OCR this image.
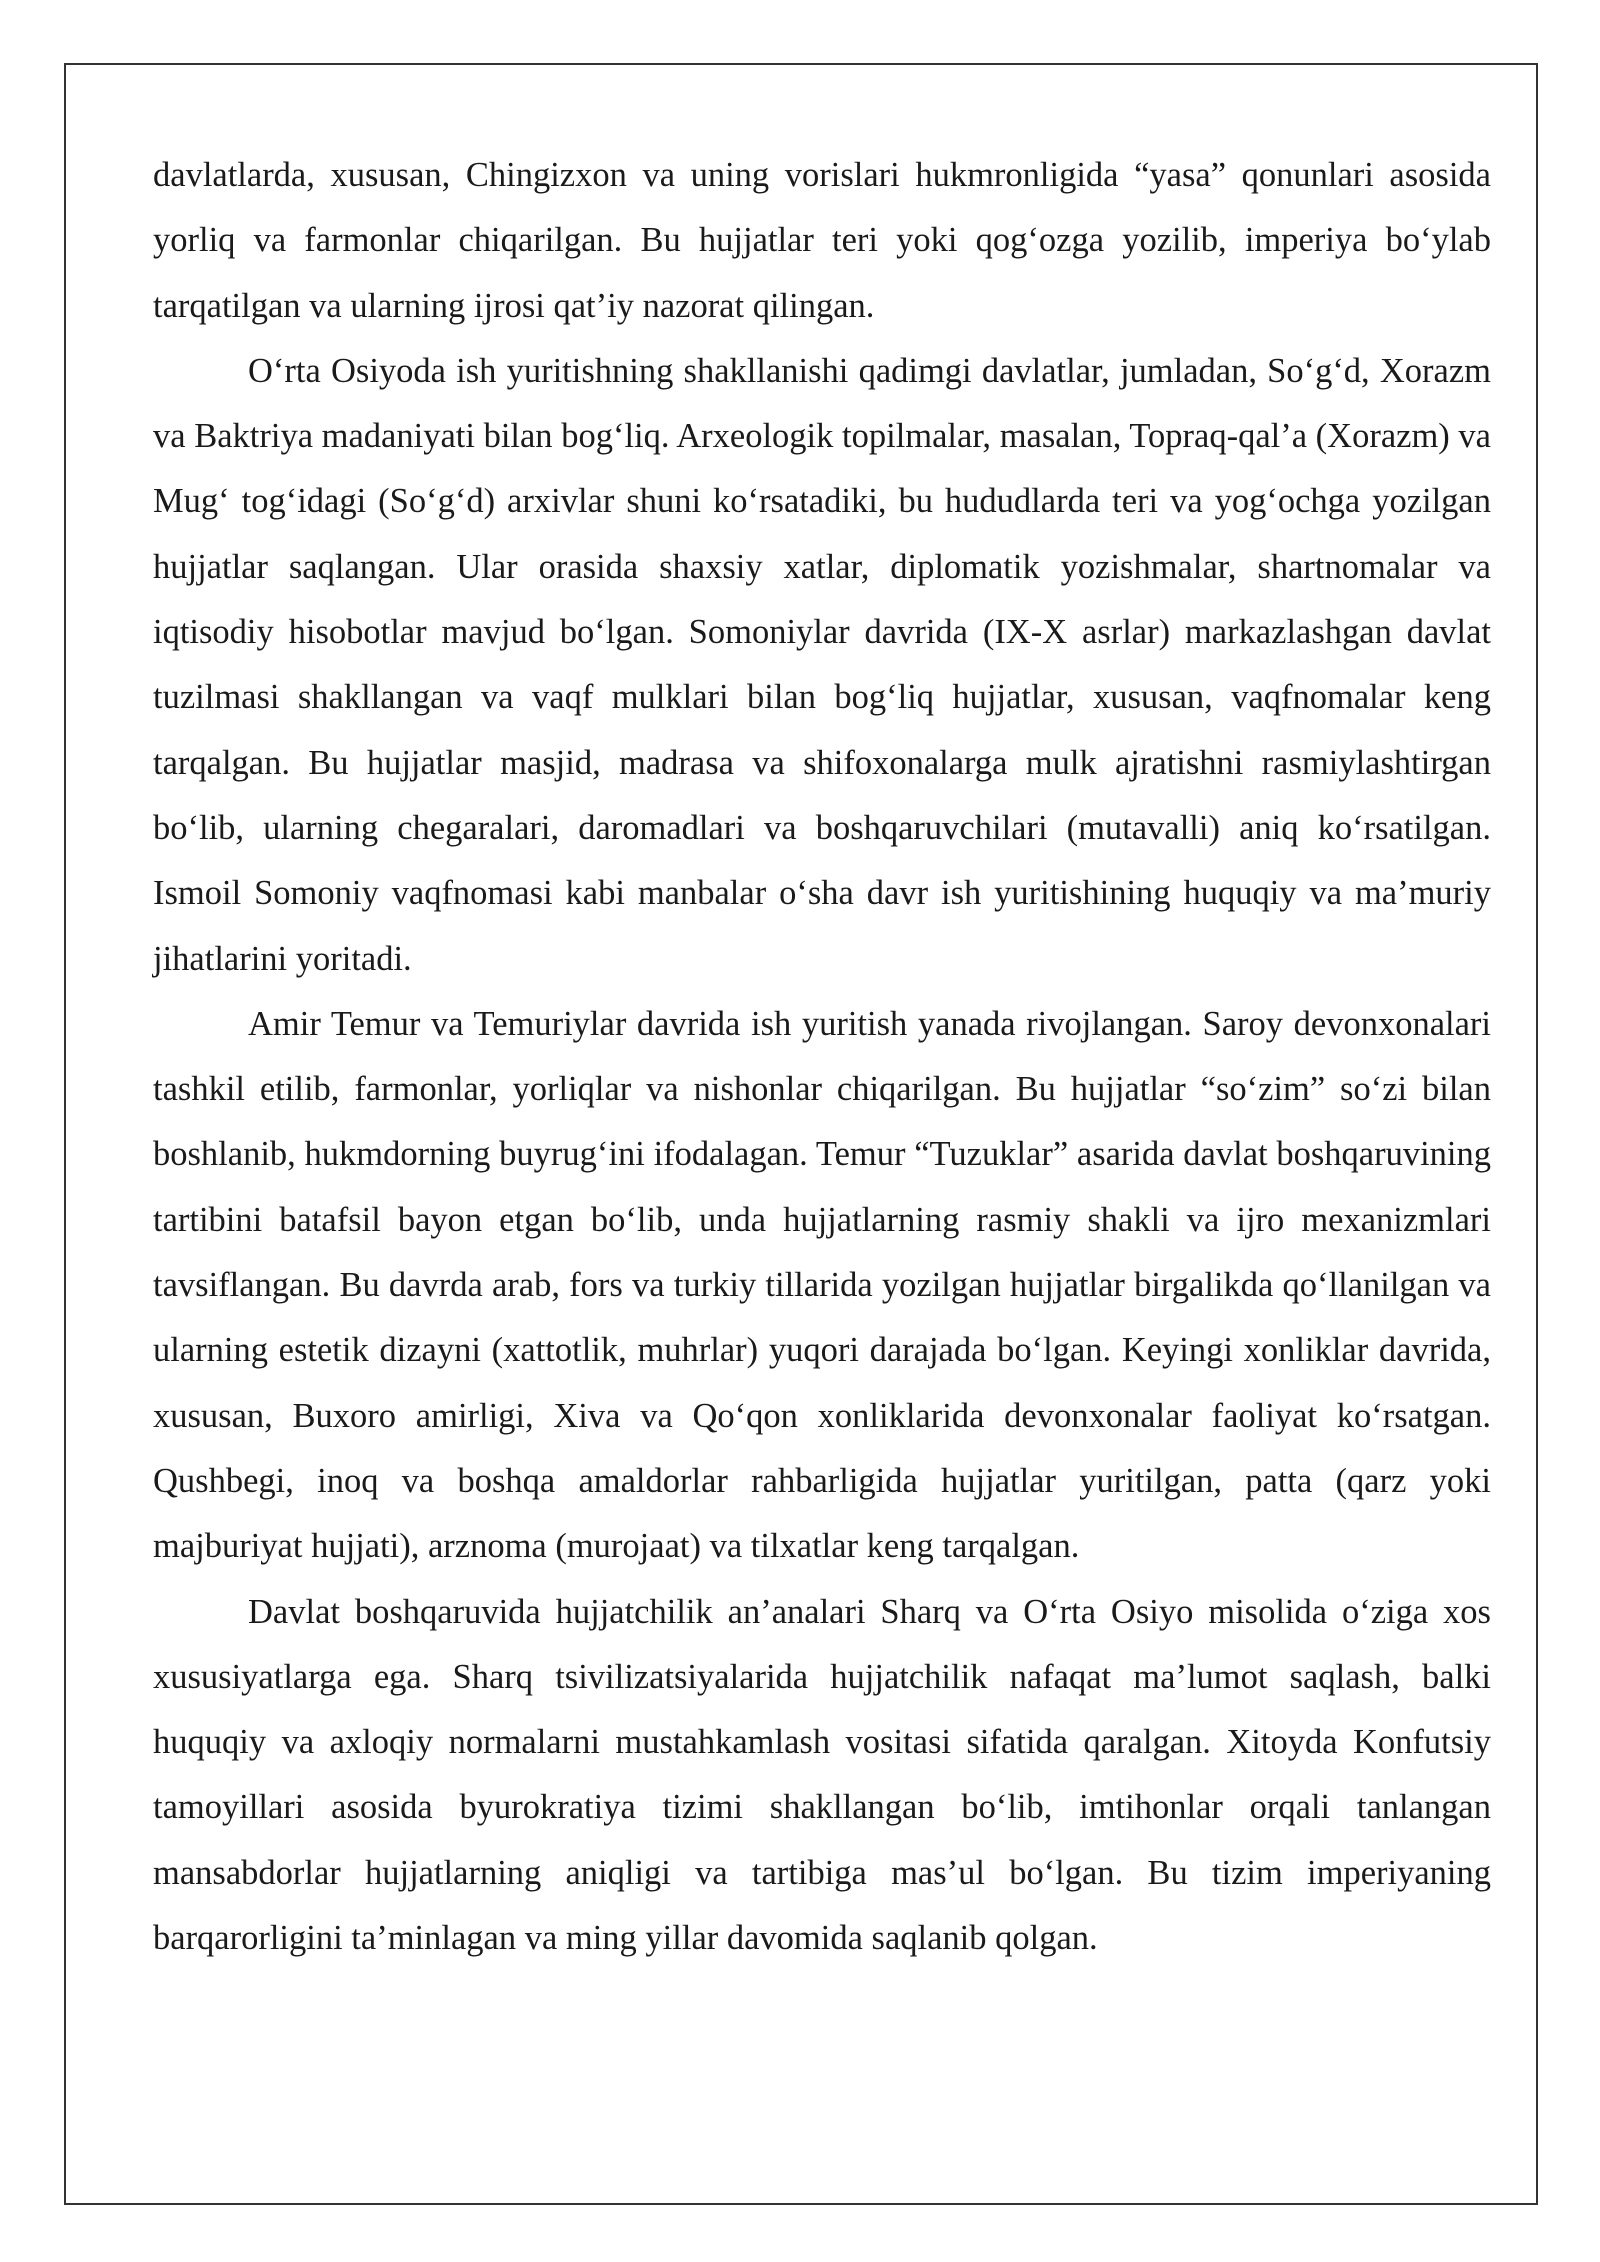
davlatlarda, xususan, Chingizxon va uning vorislari hukmronligida “yasa” qonunlari asosida yorliq va farmonlar chiqarilgan. Bu hujjatlar teri yoki qog‘ozga yozilib, imperiya bo‘ylab tarqatilgan va ularning ijrosi qat’iy nazorat qilingan.

O‘rta Osiyoda ish yuritishning shakllanishi qadimgi davlatlar, jumladan, So‘g‘d, Xorazm va Baktriya madaniyati bilan bog‘liq. Arxeologik topilmalar, masalan, Topraq-qal’a (Xorazm) va Mug‘ tog‘idagi (So‘g‘d) arxivlar shuni ko‘rsatadiki, bu hududlarda teri va yog‘ochga yozilgan hujjatlar saqlangan. Ular orasida shaxsiy xatlar, diplomatik yozishmalar, shartnomalar va iqtisodiy hisobotlar mavjud bo‘lgan. Somoniylar davrida (IX-X asrlar) markazlashgan davlat tuzilmasi shakllangan va vaqf mulklari bilan bog‘liq hujjatlar, xususan, vaqfnomalar keng tarqalgan. Bu hujjatlar masjid, madrasa va shifoxonalarga mulk ajratishni rasmiylashtirgan bo‘lib, ularning chegaralari, daromadlari va boshqaruvchilari (mutavalli) aniq ko‘rsatilgan. Ismoil Somoniy vaqfnomasi kabi manbalar o‘sha davr ish yuritishining huquqiy va ma’muriy jihatlarini yoritadi.

Amir Temur va Temuriylar davrida ish yuritish yanada rivojlangan. Saroy devonxonalari tashkil etilib, farmonlar, yorliqlar va nishonlar chiqarilgan. Bu hujjatlar “so‘zim” so‘zi bilan boshlanib, hukmdorning buyrug‘ini ifodalagan. Temur “Tuzuklar” asarida davlat boshqaruvining tartibini batafsil bayon etgan bo‘lib, unda hujjatlarning rasmiy shakli va ijro mexanizmlari tavsiflangan. Bu davrda arab, fors va turkiy tillarida yozilgan hujjatlar birgalikda qo‘llanilgan va ularning estetik dizayni (xattotlik, muhrlar) yuqori darajada bo‘lgan. Keyingi xonliklar davrida, xususan, Buxoro amirligi, Xiva va Qo‘qon xonliklarida devonxonalar faoliyat ko‘rsatgan. Qushbegi, inoq va boshqa amaldorlar rahbarligida hujjatlar yuritilgan, patta (qarz yoki majburiyat hujjati), arznoma (murojaat) va tilxatlar keng tarqalgan.

Davlat boshqaruvida hujjatchilik an’analari Sharq va O‘rta Osiyo misolida o‘ziga xos xususiyatlarga ega. Sharq tsivilizatsiyalarida hujjatchilik nafaqat ma’lumot saqlash, balki huquqiy va axloqiy normalarni mustahkamlash vositasi sifatida qaralgan. Xitoyda Konfutsiy tamoyillari asosida byurokratiya tizimi shakllangan bo‘lib, imtihonlar orqali tanlangan mansabdorlar hujjatlarning aniqligi va tartibiga mas’ul bo‘lgan. Bu tizim imperiyaning barqarorligini ta’minlagan va ming yillar davomida saqlanib qolgan.
